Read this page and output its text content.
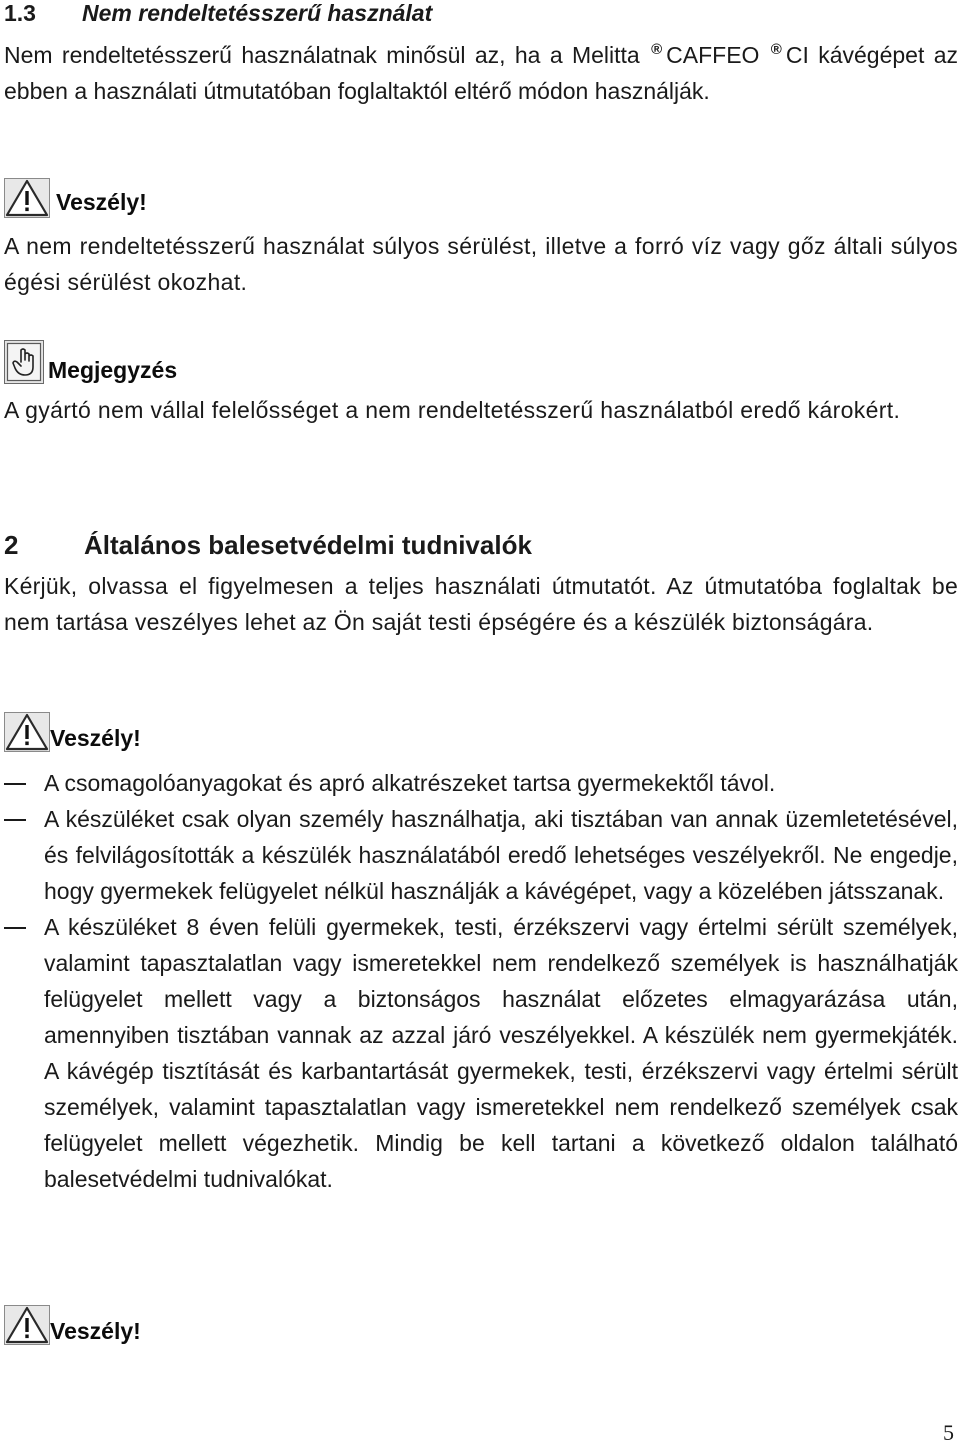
1.3 Nem rendeltetésszerű használat

Nem rendeltetésszerű használatnak minősül az, ha a Melitta ® CAFFEO ® CI kávégépet az ebben a használati útmutatóban foglaltaktól eltérő módon használják.

Veszély!

A nem rendeltetésszerű használat súlyos sérülést, illetve a forró víz vagy gőz általi súlyos égési sérülést okozhat.

Megjegyzés

A gyártó nem vállal felelősséget a nem rendeltetésszerű használatból eredő károkért.

2	Általános balesetvédelmi tudnivalók

Kérjük, olvassa el figyelmesen a teljes használati útmutatót. Az útmutatóba foglaltak be nem tartása veszélyes lehet az Ön saját testi épségére és a készülék biztonságára.

Veszély!
A csomagolóanyagokat és apró alkatrészeket tartsa gyermekektől távol.
A készüléket csak olyan személy használhatja, aki tisztában van annak üzemletetésével, és felvilágosították a készülék használatából eredő lehetséges veszélyekről. Ne engedje, hogy gyermekek felügyelet nélkül használják a kávégépet, vagy a közelében játsszanak.
A készüléket 8 éven felüli gyermekek, testi, érzékszervi vagy értelmi sérült személyek, valamint tapasztalatlan vagy ismeretekkel nem rendelkező személyek is használhatják felügyelet mellett vagy a biztonságos használat előzetes elmagyarázása után, amennyiben tisztában vannak az azzal járó veszélyekkel. A készülék nem gyermekjáték. A kávégép tisztítását és karbantartását gyermekek, testi, érzékszervi vagy értelmi sérült személyek, valamint tapasztalatlan vagy ismeretekkel nem rendelkező személyek csak felügyelet mellett végezhetik. Mindig be kell tartani a következő oldalon található balesetvédelmi tudnivalókat.
Veszély!
5
